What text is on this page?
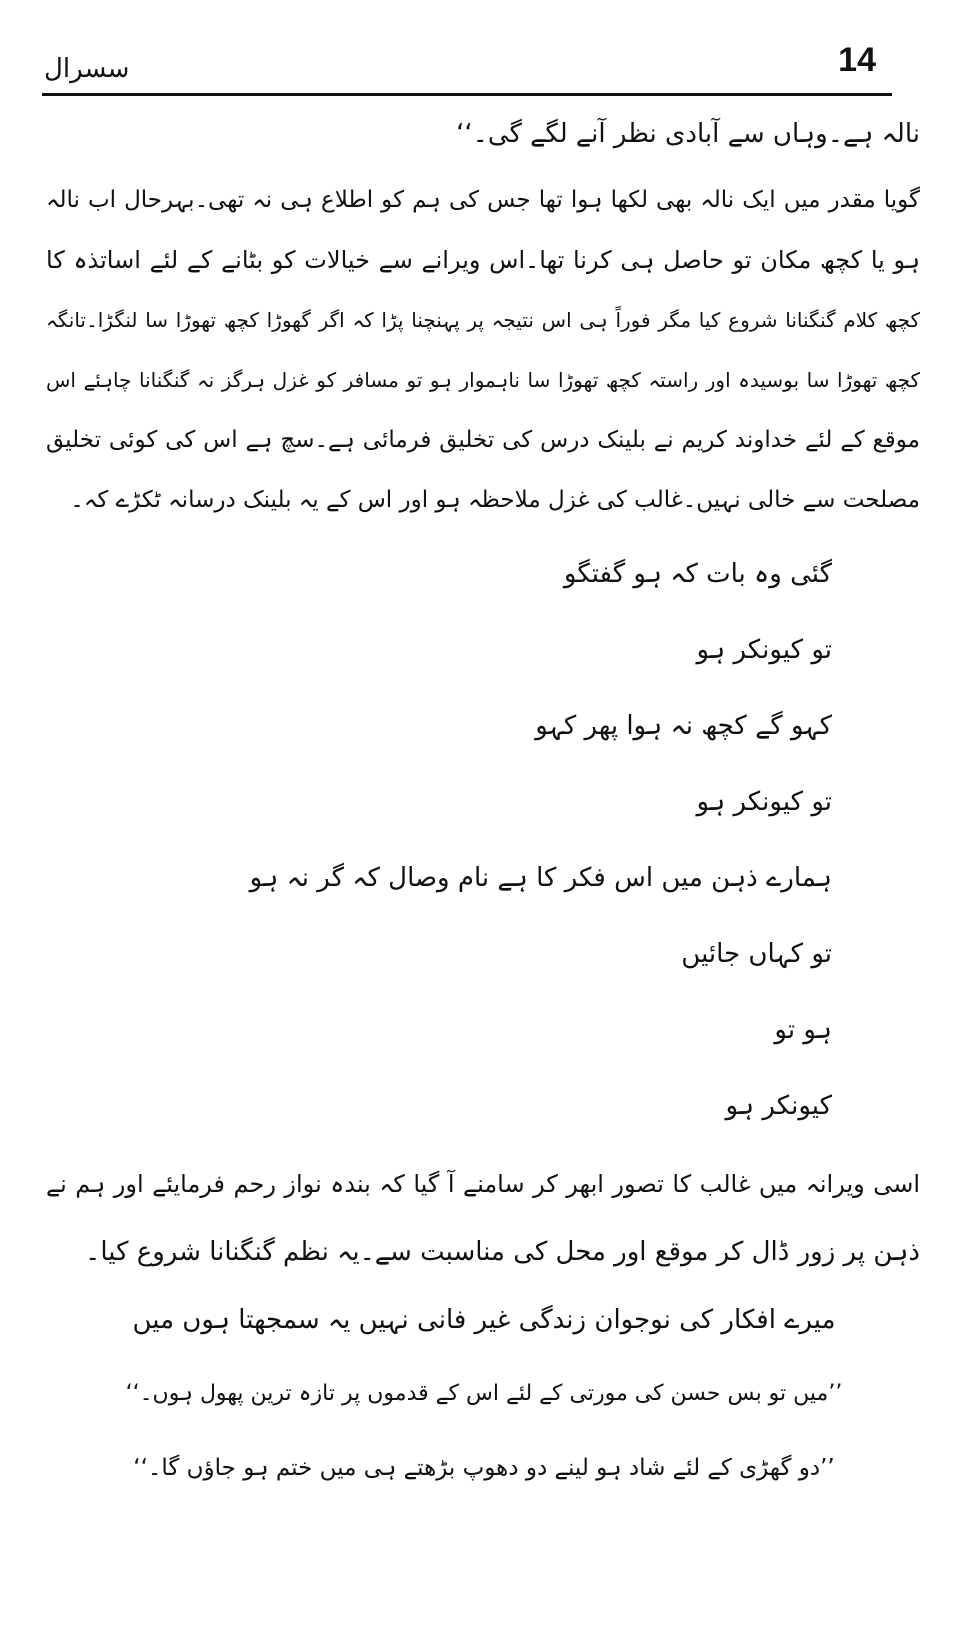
14
سسرال
نالہ ہے۔وہاں سے آبادی نظر آنے لگے گی۔‘‘
گویا مقدر میں ایک نالہ بھی لکھا ہوا تھا جس کی ہم کو اطلاع ہی نہ تھی۔بہرحال اب نالہ
ہو یا کچھ مکان تو حاصل ہی کرنا تھا۔اس ویرانے سے خیالات کو بٹانے کے لئے اساتذہ کا
کچھ کلام گنگنانا شروع کیا مگر فوراً ہی اس نتیجہ پر پہنچنا پڑا کہ اگر گھوڑا کچھ تھوڑا سا لنگڑا۔تانگہ
کچھ تھوڑا سا بوسیدہ اور راستہ کچھ تھوڑا سا ناہموار ہو تو مسافر کو غزل ہرگز نہ گنگنانا چاہئے اس
موقع کے لئے خداوند کریم نے بلینک درس کی تخلیق فرمائی ہے۔سچ ہے اس کی کوئی تخلیق
مصلحت سے خالی نہیں۔غالب کی غزل ملاحظہ ہو اور اس کے یہ بلینک درسانہ ٹکڑے کہ۔
گئی وہ بات کہ ہو گفتگو
تو کیونکر ہو
کہو گے کچھ نہ ہوا پھر کہو
تو کیونکر ہو
ہمارے ذہن میں اس فکر کا ہے نام وصال کہ گر نہ ہو
تو کہاں جائیں
ہو تو
کیونکر ہو
اسی ویرانہ میں غالب کا تصور ابھر کر سامنے آ گیا کہ بندہ نواز رحم فرمایئے اور ہم نے
ذہن پر زور ڈال کر موقع اور محل کی مناسبت سے۔یہ نظم گنگنانا شروع کیا۔
میرے افکار کی نوجوان زندگی غیر فانی نہیں یہ سمجھتا ہوں میں
’’میں تو بس حسن کی مورتی کے لئے اس کے قدموں پر تازہ ترین پھول ہوں۔‘‘
’’دو گھڑی کے لئے شاد ہو لینے دو دھوپ بڑھتے ہی میں ختم ہو جاؤں گا۔‘‘
